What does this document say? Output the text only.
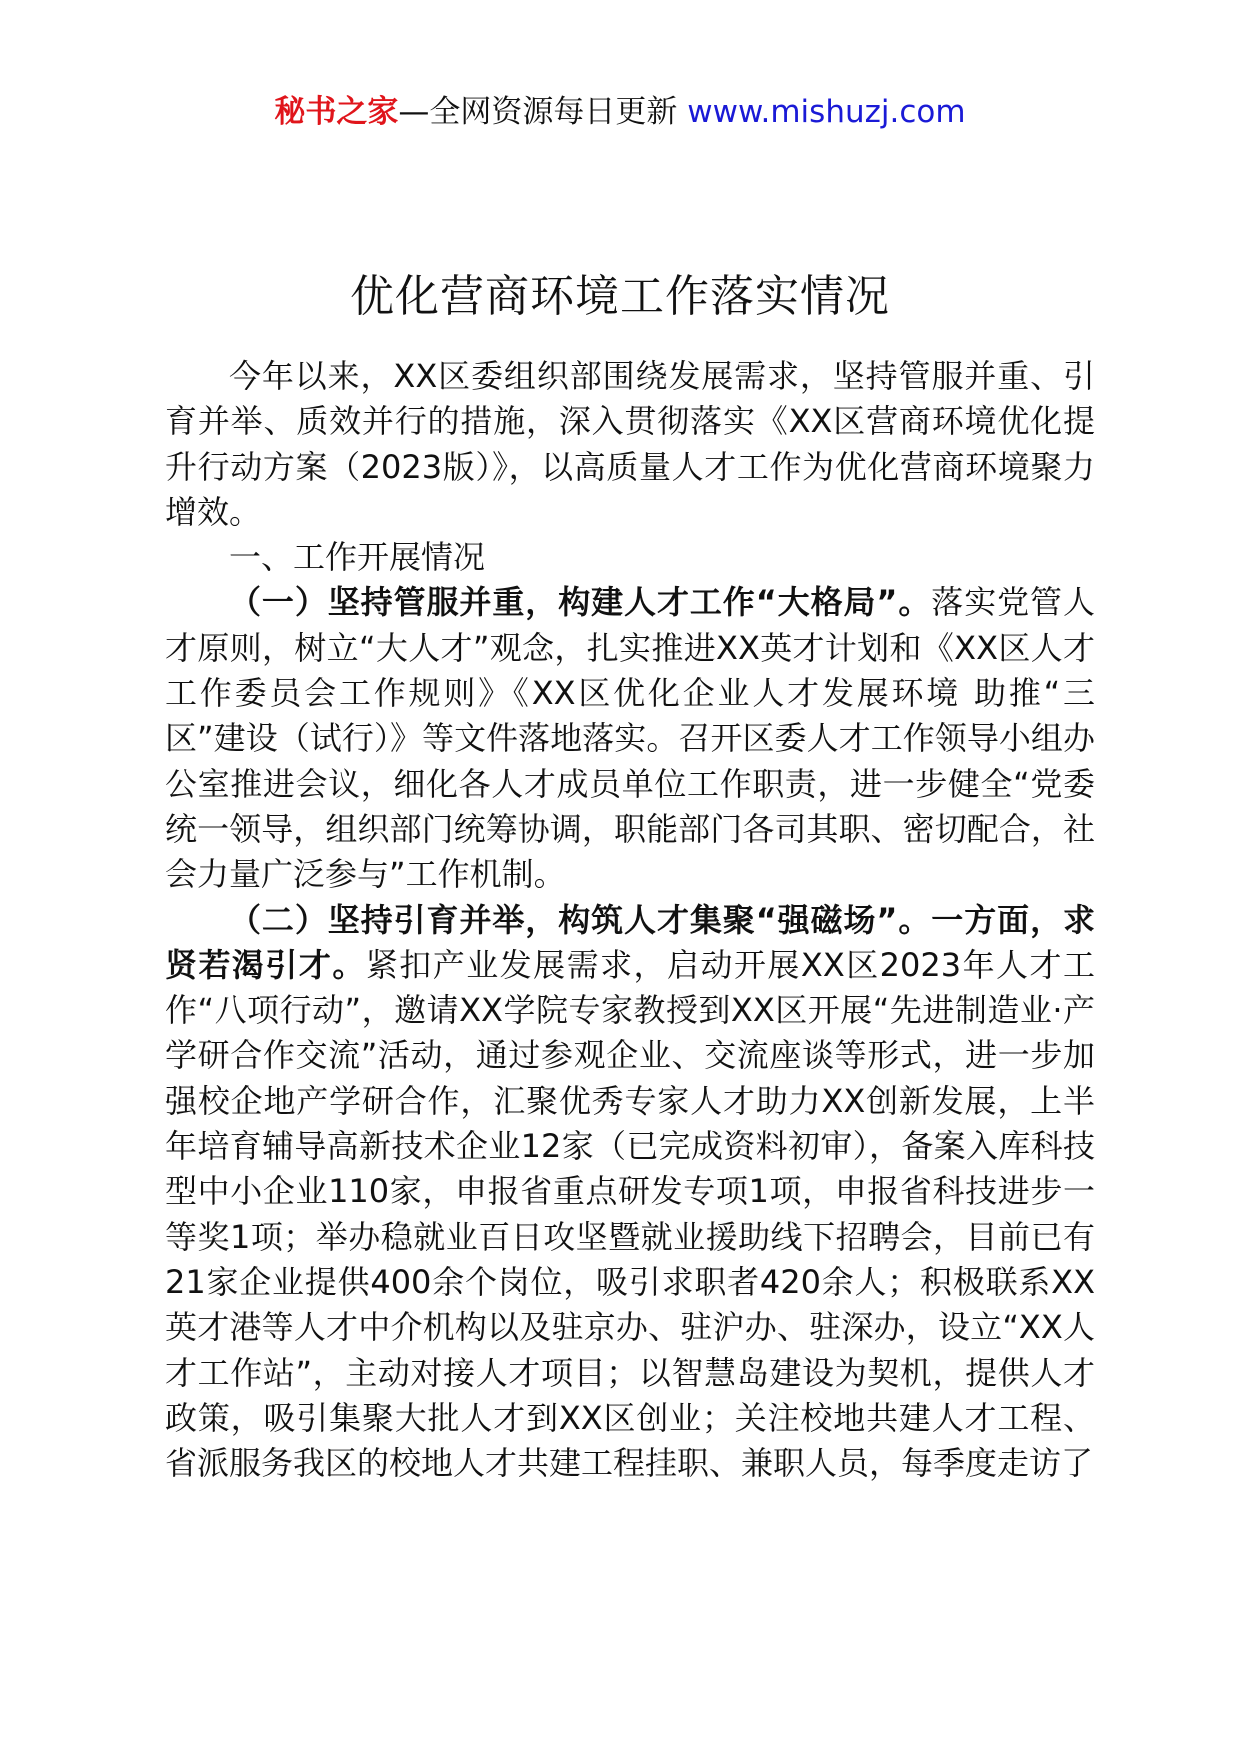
秘书之家—全网资源每日更新 www.mishuzj.com
优化营商环境工作落实情况

今年以来，XX区委组织部围绕发展需求，坚持管服并重、引育并举、质效并行的措施，深入贯彻落实《XX区营商环境优化提升行动方案（2023版）》，以高质量人才工作为优化营商环境聚力增效。

一、工作开展情况

（一）坚持管服并重，构建人才工作“大格局”。落实党管人才原则，树立“大人才”观念，扎实推进XX英才计划和《XX区人才工作委员会工作规则》《XX区优化企业人才发展环境 助推“三区”建设（试行）》等文件落地落实。召开区委人才工作领导小组办公室推进会议，细化各人才成员单位工作职责，进一步健全“党委统一领导，组织部门统筹协调，职能部门各司其职、密切配合，社会力量广泛参与”工作机制。

（二）坚持引育并举，构筑人才集聚“强磁场”。一方面，求贤若渴引才。紧扣产业发展需求，启动开展XX区2023年人才工作“八项行动”，邀请XX学院专家教授到XX区开展“先进制造业·产学研合作交流”活动，通过参观企业、交流座谈等形式，进一步加强校企地产学研合作，汇聚优秀专家人才助力XX创新发展，上半年培育辅导高新技术企业12家（已完成资料初审），备案入库科技型中小企业110家，申报省重点研发专项1项，申报省科技进步一等奖1项；举办稳就业百日攻坚暨就业援助线下招聘会，目前已有21家企业提供400余个岗位，吸引求职者420余人；积极联系XX英才港等人才中介机构以及驻京办、驻沪办、驻深办，设立“XX人才工作站”，主动对接人才项目；以智慧岛建设为契机，提供人才政策，吸引集聚大批人才到XX区创业；关注校地共建人才工程、省派服务我区的校地人才共建工程挂职、兼职人员，每季度走访了
